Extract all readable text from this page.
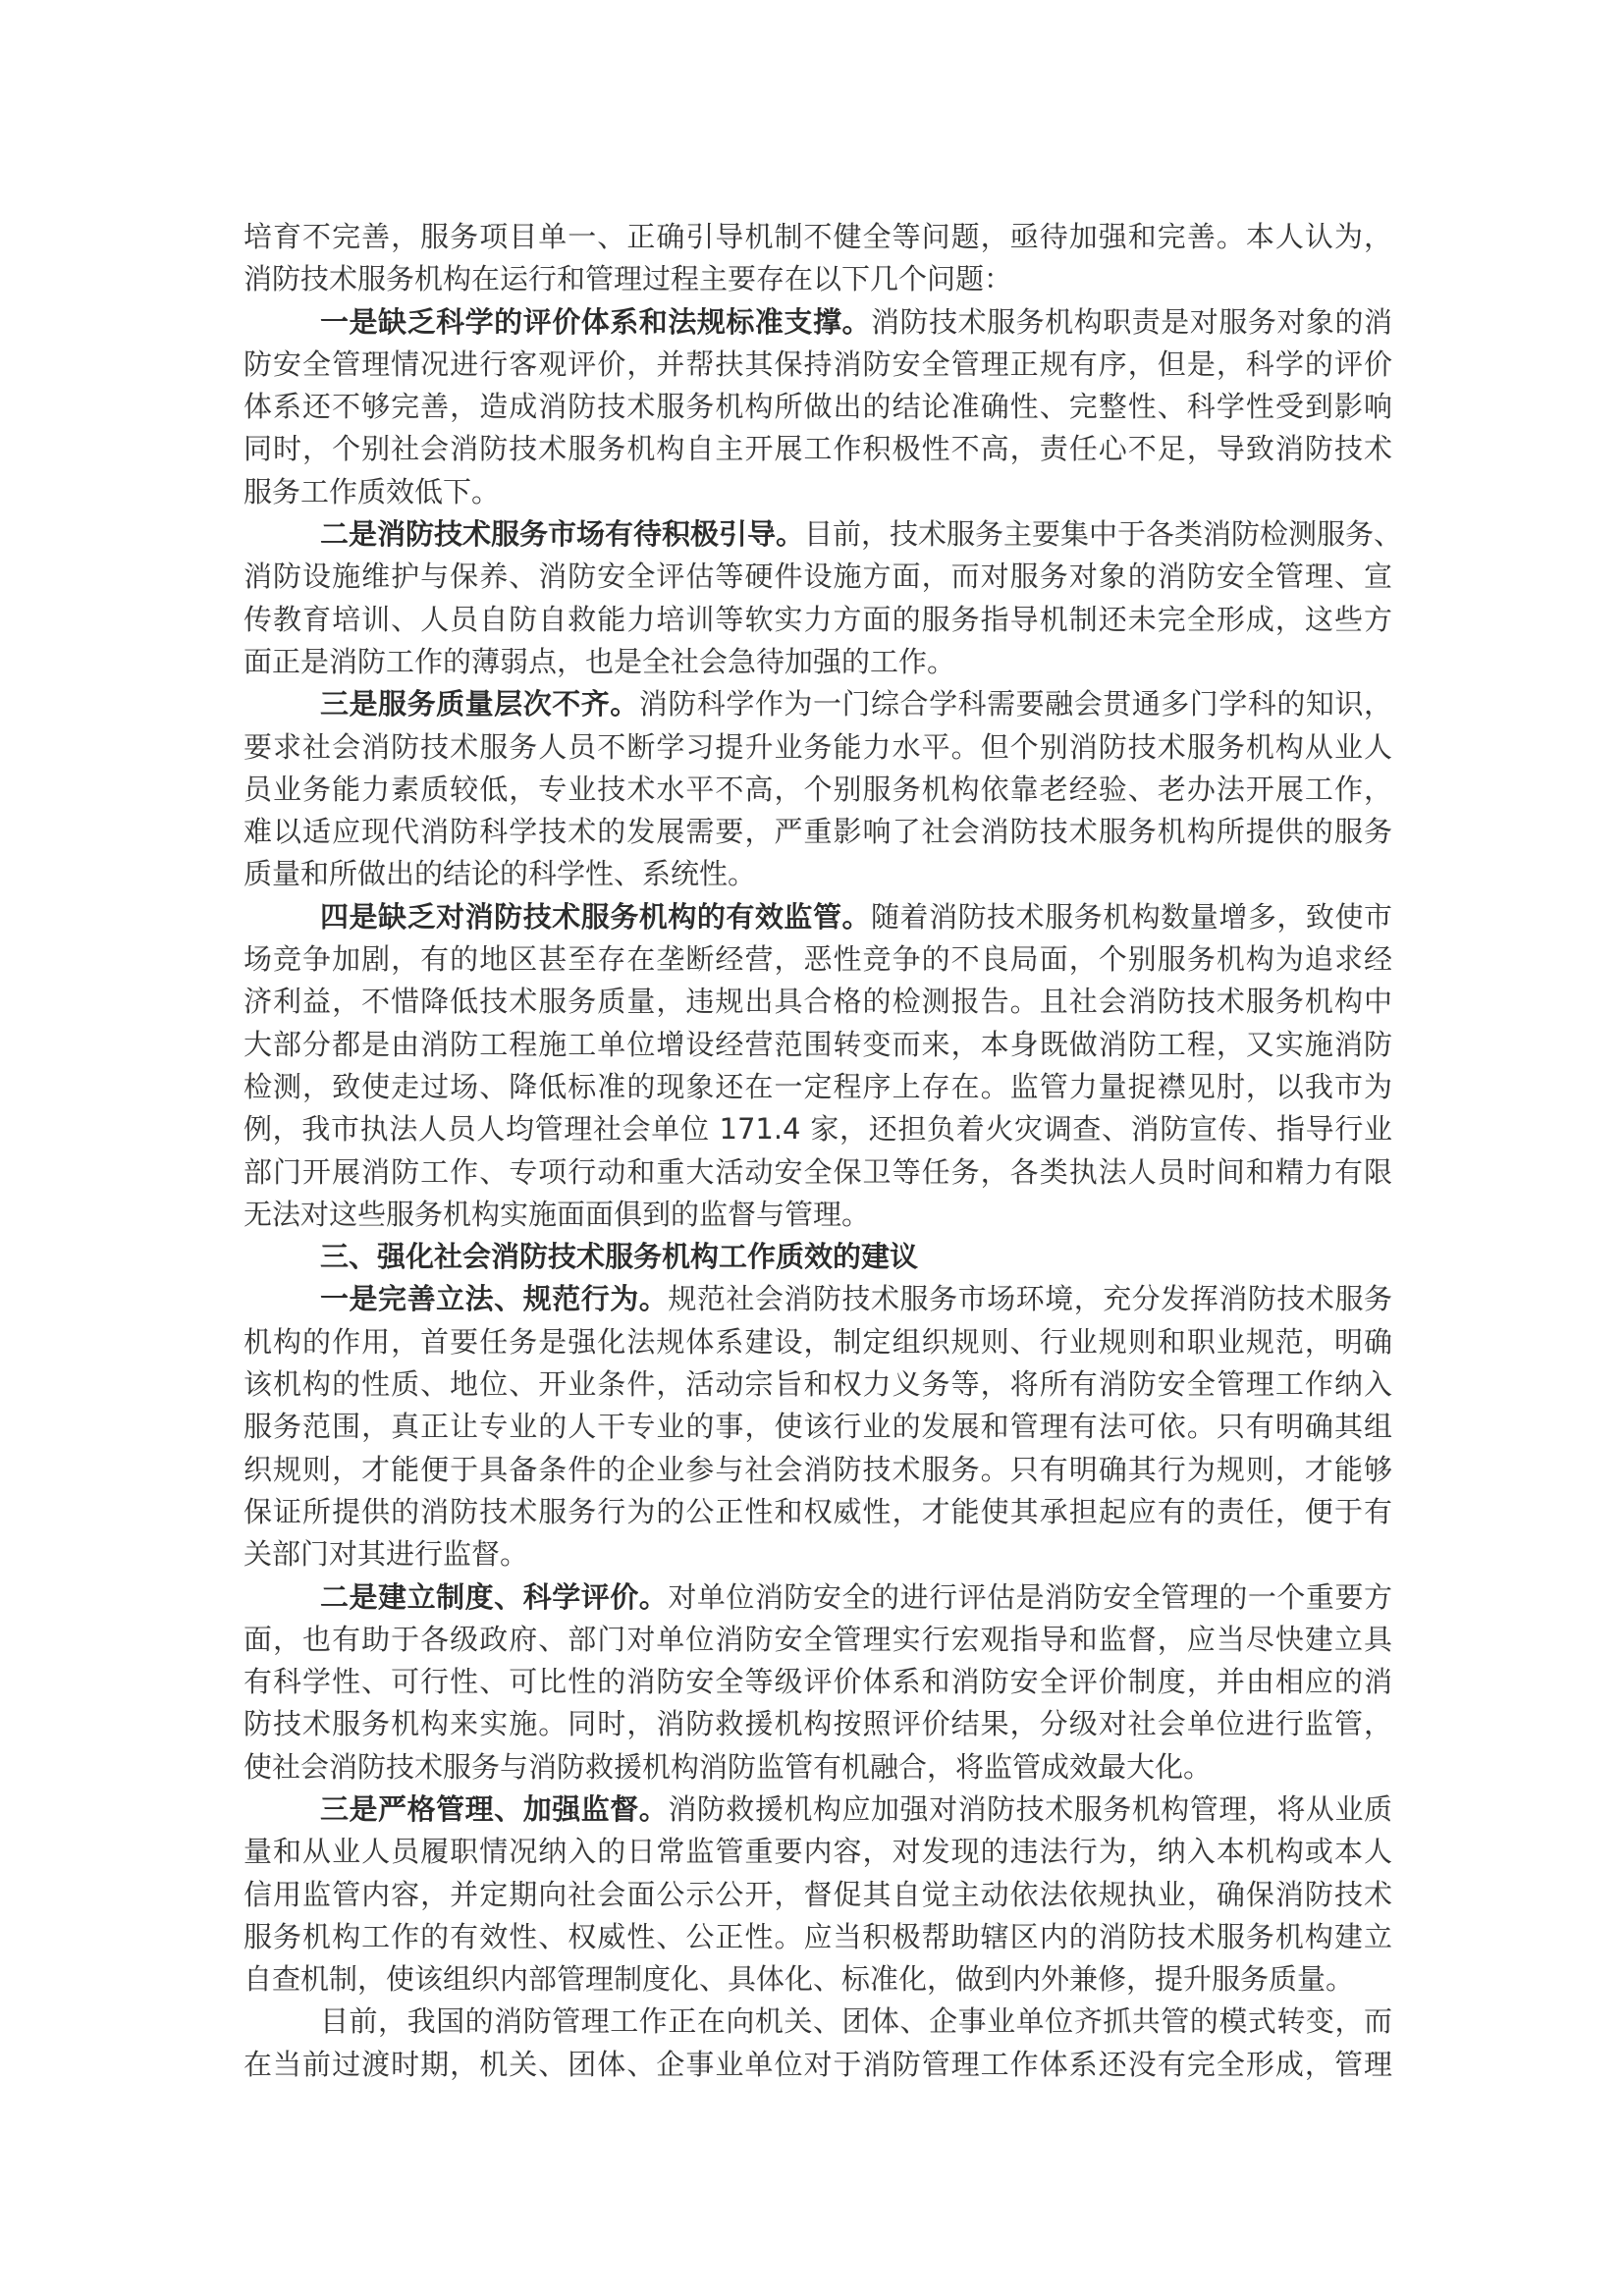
培育不完善，服务项目单一、正确引导机制不健全等问题，亟待加强和完善。本人认为，
消防技术服务机构在运行和管理过程主要存在以下几个问题：
一是缺乏科学的评价体系和法规标准支撑。消防技术服务机构职责是对服务对象的消
防安全管理情况进行客观评价，并帮扶其保持消防安全管理正规有序，但是，科学的评价
体系还不够完善，造成消防技术服务机构所做出的结论准确性、完整性、科学性受到影响
同时，个别社会消防技术服务机构自主开展工作积极性不高，责任心不足，导致消防技术
服务工作质效低下。
二是消防技术服务市场有待积极引导。目前，技术服务主要集中于各类消防检测服务、
消防设施维护与保养、消防安全评估等硬件设施方面，而对服务对象的消防安全管理、宣
传教育培训、人员自防自救能力培训等软实力方面的服务指导机制还未完全形成，这些方
面正是消防工作的薄弱点，也是全社会急待加强的工作。
三是服务质量层次不齐。消防科学作为一门综合学科需要融会贯通多门学科的知识，
要求社会消防技术服务人员不断学习提升业务能力水平。但个别消防技术服务机构从业人
员业务能力素质较低，专业技术水平不高，个别服务机构依靠老经验、老办法开展工作，
难以适应现代消防科学技术的发展需要，严重影响了社会消防技术服务机构所提供的服务
质量和所做出的结论的科学性、系统性。
四是缺乏对消防技术服务机构的有效监管。随着消防技术服务机构数量增多，致使市
场竞争加剧，有的地区甚至存在垄断经营，恶性竞争的不良局面，个别服务机构为追求经
济利益，不惜降低技术服务质量，违规出具合格的检测报告。且社会消防技术服务机构中
大部分都是由消防工程施工单位增设经营范围转变而来，本身既做消防工程，又实施消防
检测，致使走过场、降低标准的现象还在一定程序上存在。监管力量捉襟见肘，以我市为
例，我市执法人员人均管理社会单位 171.4 家，还担负着火灾调查、消防宣传、指导行业
部门开展消防工作、专项行动和重大活动安全保卫等任务，各类执法人员时间和精力有限
无法对这些服务机构实施面面俱到的监督与管理。
三、强化社会消防技术服务机构工作质效的建议
一是完善立法、规范行为。规范社会消防技术服务市场环境，充分发挥消防技术服务
机构的作用，首要任务是强化法规体系建设，制定组织规则、行业规则和职业规范，明确
该机构的性质、地位、开业条件，活动宗旨和权力义务等，将所有消防安全管理工作纳入
服务范围，真正让专业的人干专业的事，使该行业的发展和管理有法可依。只有明确其组
织规则，才能便于具备条件的企业参与社会消防技术服务。只有明确其行为规则，才能够
保证所提供的消防技术服务行为的公正性和权威性，才能使其承担起应有的责任，便于有
关部门对其进行监督。
二是建立制度、科学评价。对单位消防安全的进行评估是消防安全管理的一个重要方
面，也有助于各级政府、部门对单位消防安全管理实行宏观指导和监督，应当尽快建立具
有科学性、可行性、可比性的消防安全等级评价体系和消防安全评价制度，并由相应的消
防技术服务机构来实施。同时，消防救援机构按照评价结果，分级对社会单位进行监管，
使社会消防技术服务与消防救援机构消防监管有机融合，将监管成效最大化。
三是严格管理、加强监督。消防救援机构应加强对消防技术服务机构管理，将从业质
量和从业人员履职情况纳入的日常监管重要内容，对发现的违法行为，纳入本机构或本人
信用监管内容，并定期向社会面公示公开，督促其自觉主动依法依规执业，确保消防技术
服务机构工作的有效性、权威性、公正性。应当积极帮助辖区内的消防技术服务机构建立
自查机制，使该组织内部管理制度化、具体化、标准化，做到内外兼修，提升服务质量。
目前，我国的消防管理工作正在向机关、团体、企事业单位齐抓共管的模式转变，而
在当前过渡时期，机关、团体、企事业单位对于消防管理工作体系还没有完全形成，管理
